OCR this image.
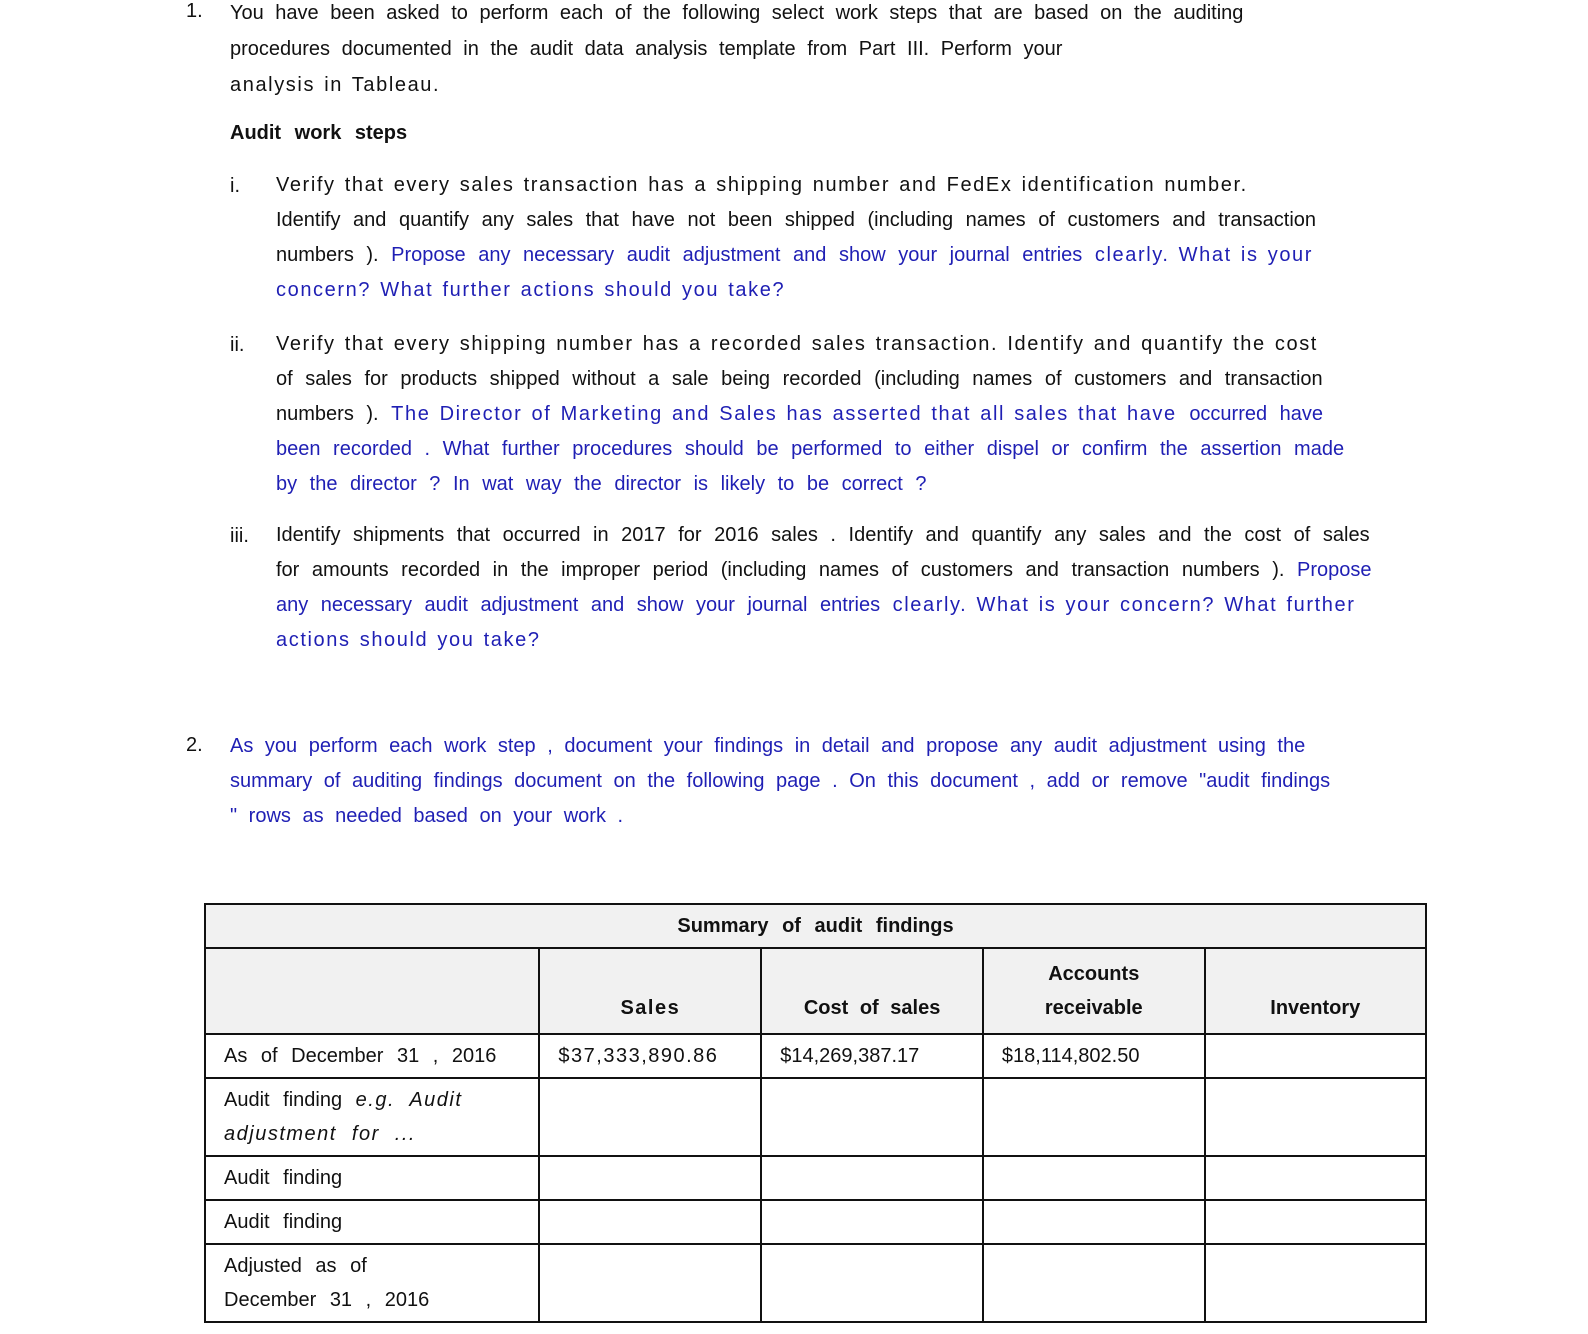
1. You have been asked to perform each of the following select work steps that are based on the auditing procedures documented in the audit data analysis template from Part III. Perform your
analysis in Tableau.
Audit work steps
i. Verify that every sales transaction has a shipping number and FedEx identification number.
Identify and quantify any sales that have not been shipped (including names of customers and transaction numbers ). Propose any necessary audit adjustment and show your journal entries clearly. What is your concern? What further actions should you take?
ii. Verify that every shipping number has a recorded sales transaction. Identify and quantify the cost
of sales for products shipped without a sale being recorded (including names of customers and transaction numbers ). The Director of Marketing and Sales has asserted that all sales that have occurred have been recorded . What further procedures should be performed to either dispel or confirm the assertion made by the director ? In wat way the director is likely to be correct ?
iii. Identify shipments that occurred in 2017 for 2016 sales . Identify and quantify any sales and the cost of sales for amounts recorded in the improper period (including names of customers and transaction numbers ). Propose any necessary audit adjustment and show your journal entries clearly. What is your concern? What further actions should you take?
2. As you perform each work step , document your findings in detail and propose any audit adjustment using the summary of auditing findings document on the following page . On this document , add or remove "audit findings " rows as needed based on your work .
Summary of audit findings				
	Sales	Cost of sales	Accounts receivable	Inventory
As of December 31 , 2016	$37,333,890.86	$14,269,387.17	$18,114,802.50	
Audit finding e.g. Audit adjustment for ...				
Audit finding				
Audit finding				
Adjusted as of December 31 , 2016				
